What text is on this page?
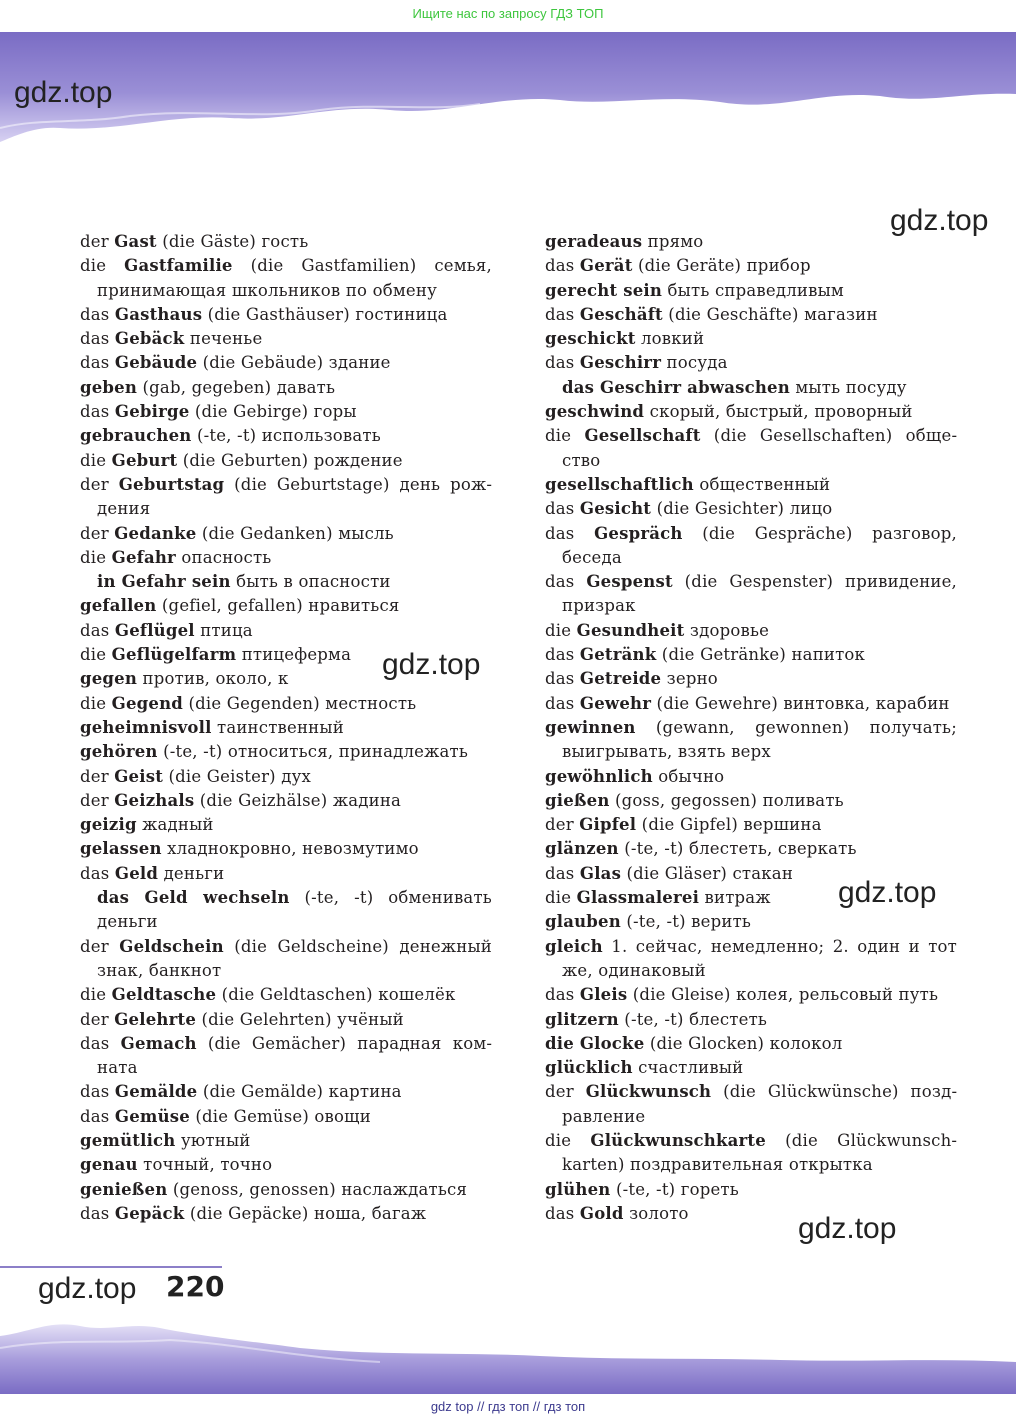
Ищите нас по запросу ГДЗ ТОП
gdz.top
gdz.top
gdz.top
gdz.top
gdz.top
gdz.top
der Gast (die Gäste) гость
die Gastfamilie (die Gastfamilien) семья, принимающая школьников по обмену
das Gasthaus (die Gasthäuser) гостиница
das Gebäck печенье
das Gebäude (die Gebäude) здание
geben (gab, gegeben) давать
das Gebirge (die Gebirge) горы
gebrauchen (-te, -t) использовать
die Geburt (die Geburten) рождение
der Geburtstag (die Geburtstage) день рождения
der Gedanke (die Gedanken) мысль
die Gefahr опасность
in Gefahr sein быть в опасности
gefallen (gefiel, gefallen) нравиться
das Geflügel птица
die Geflügelfarm птицеферма
gegen против, около, к
die Gegend (die Gegenden) местность
geheimnisvoll таинственный
gehören (-te, -t) относиться, принадлежать
der Geist (die Geister) дух
der Geizhals (die Geizhälse) жадина
geizig жадный
gelassen хладнокровно, невозмутимо
das Geld деньги
das Geld wechseln (-te, -t) обменивать деньги
der Geldschein (die Geldscheine) денежный знак, банкнот
die Geldtasche (die Geldtaschen) кошелёк
der Gelehrte (die Gelehrten) учёный
das Gemach (die Gemächer) парадная комната
das Gemälde (die Gemälde) картина
das Gemüse (die Gemüse) овощи
gemütlich уютный
genau точный, точно
genießen (genoss, genossen) наслаждаться
das Gepäck (die Gepäcke) ноша, багаж
geradeaus прямо
das Gerät (die Geräte) прибор
gerecht sein быть справедливым
das Geschäft (die Geschäfte) магазин
geschickt ловкий
das Geschirr посуда
das Geschirr abwaschen мыть посуду
geschwind скорый, быстрый, проворный
die Gesellschaft (die Gesellschaften) общество
gesellschaftlich общественный
das Gesicht (die Gesichter) лицо
das Gespräch (die Gespräche) разговор, беседа
das Gespenst (die Gespenster) привидение, призрак
die Gesundheit здоровье
das Getränk (die Getränke) напиток
das Getreide зерно
das Gewehr (die Gewehre) винтовка, карабин
gewinnen (gewann, gewonnen) получать; выигрывать, взять верх
gewöhnlich обычно
gießen (goss, gegossen) поливать
der Gipfel (die Gipfel) вершина
glänzen (-te, -t) блестеть, сверкать
das Glas (die Gläser) стакан
die Glassmalerei витраж
glauben (-te, -t) верить
gleich 1. сейчас, немедленно; 2. один и тот же, одинаковый
das Gleis (die Gleise) колея, рельсовый путь
glitzern (-te, -t) блестеть
die Glocke (die Glocken) колокол
glücklich счастливый
der Glückwunsch (die Glückwünsche) поздравление
die Glückwunschkarte (die Glückwunschkarten) поздравительная открытка
glühen (-te, -t) гореть
das Gold золото
220
gdz top // гдз топ // гдз топ
